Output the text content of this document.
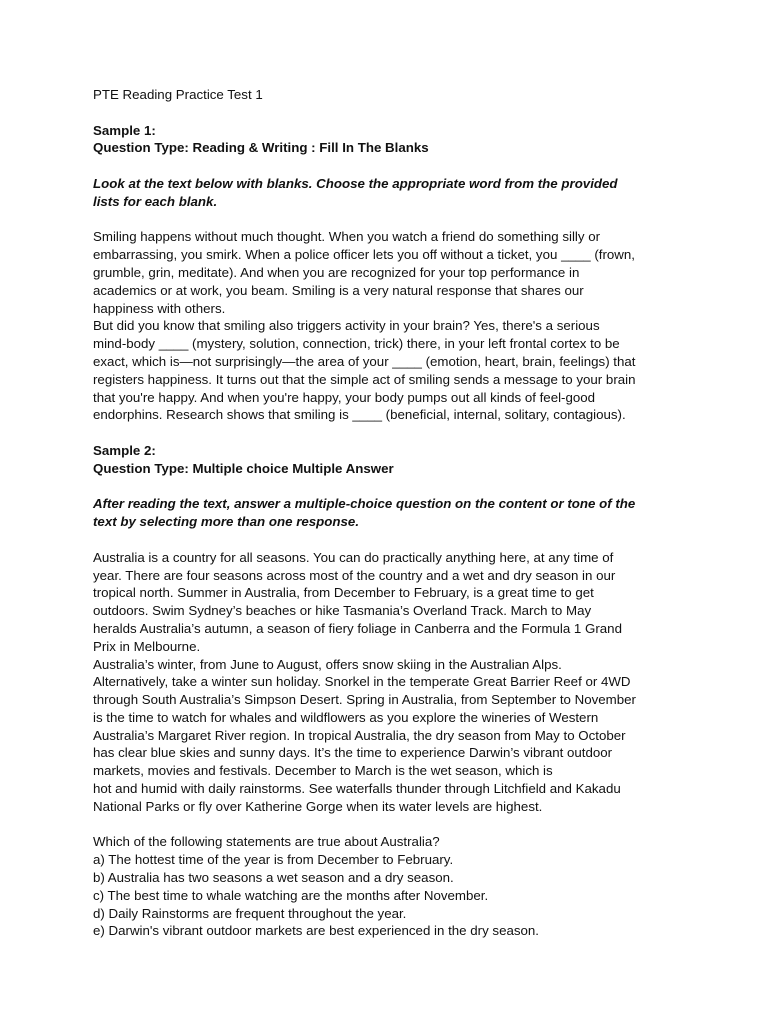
PTE Reading Practice Test 1
Sample 1:
Question Type: Reading & Writing : Fill In The Blanks
Look at the text below with blanks. Choose the appropriate word from the provided
lists for each blank.
Smiling happens without much thought. When you watch a friend do something silly or
embarrassing, you smirk. When a police officer lets you off without a ticket, you ____ (frown,
grumble, grin, meditate). And when you are recognized for your top performance in
academics or at work, you beam. Smiling is a very natural response that shares our
happiness with others.
But did you know that smiling also triggers activity in your brain? Yes, there's a serious
mind-body ____ (mystery, solution, connection, trick) there, in your left frontal cortex to be
exact, which is—not surprisingly—the area of your ____ (emotion, heart, brain, feelings) that
registers happiness. It turns out that the simple act of smiling sends a message to your brain
that you're happy. And when you're happy, your body pumps out all kinds of feel-good
endorphins. Research shows that smiling is ____ (beneficial, internal, solitary, contagious).
Sample 2:
Question Type: Multiple choice Multiple Answer
After reading the text, answer a multiple-choice question on the content or tone of the
text by selecting more than one response.
Australia is a country for all seasons. You can do practically anything here, at any time of
year. There are four seasons across most of the country and a wet and dry season in our
tropical north. Summer in Australia, from December to February, is a great time to get
outdoors. Swim Sydney’s beaches or hike Tasmania’s Overland Track. March to May
heralds Australia’s autumn, a season of fiery foliage in Canberra and the Formula 1 Grand
Prix in Melbourne.
Australia’s winter, from June to August, offers snow skiing in the Australian Alps.
Alternatively, take a winter sun holiday. Snorkel in the temperate Great Barrier Reef or 4WD
through South Australia’s Simpson Desert. Spring in Australia, from September to November
is the time to watch for whales and wildflowers as you explore the wineries of Western
Australia’s Margaret River region. In tropical Australia, the dry season from May to October
has clear blue skies and sunny days. It’s the time to experience Darwin’s vibrant outdoor
markets, movies and festivals. December to March is the wet season, which is
hot and humid with daily rainstorms. See waterfalls thunder through Litchfield and Kakadu
National Parks or fly over Katherine Gorge when its water levels are highest.
Which of the following statements are true about Australia?
a) The hottest time of the year is from December to February.
b) Australia has two seasons a wet season and a dry season.
c) The best time to whale watching are the months after November.
d) Daily Rainstorms are frequent throughout the year.
e) Darwin's vibrant outdoor markets are best experienced in the dry season.
